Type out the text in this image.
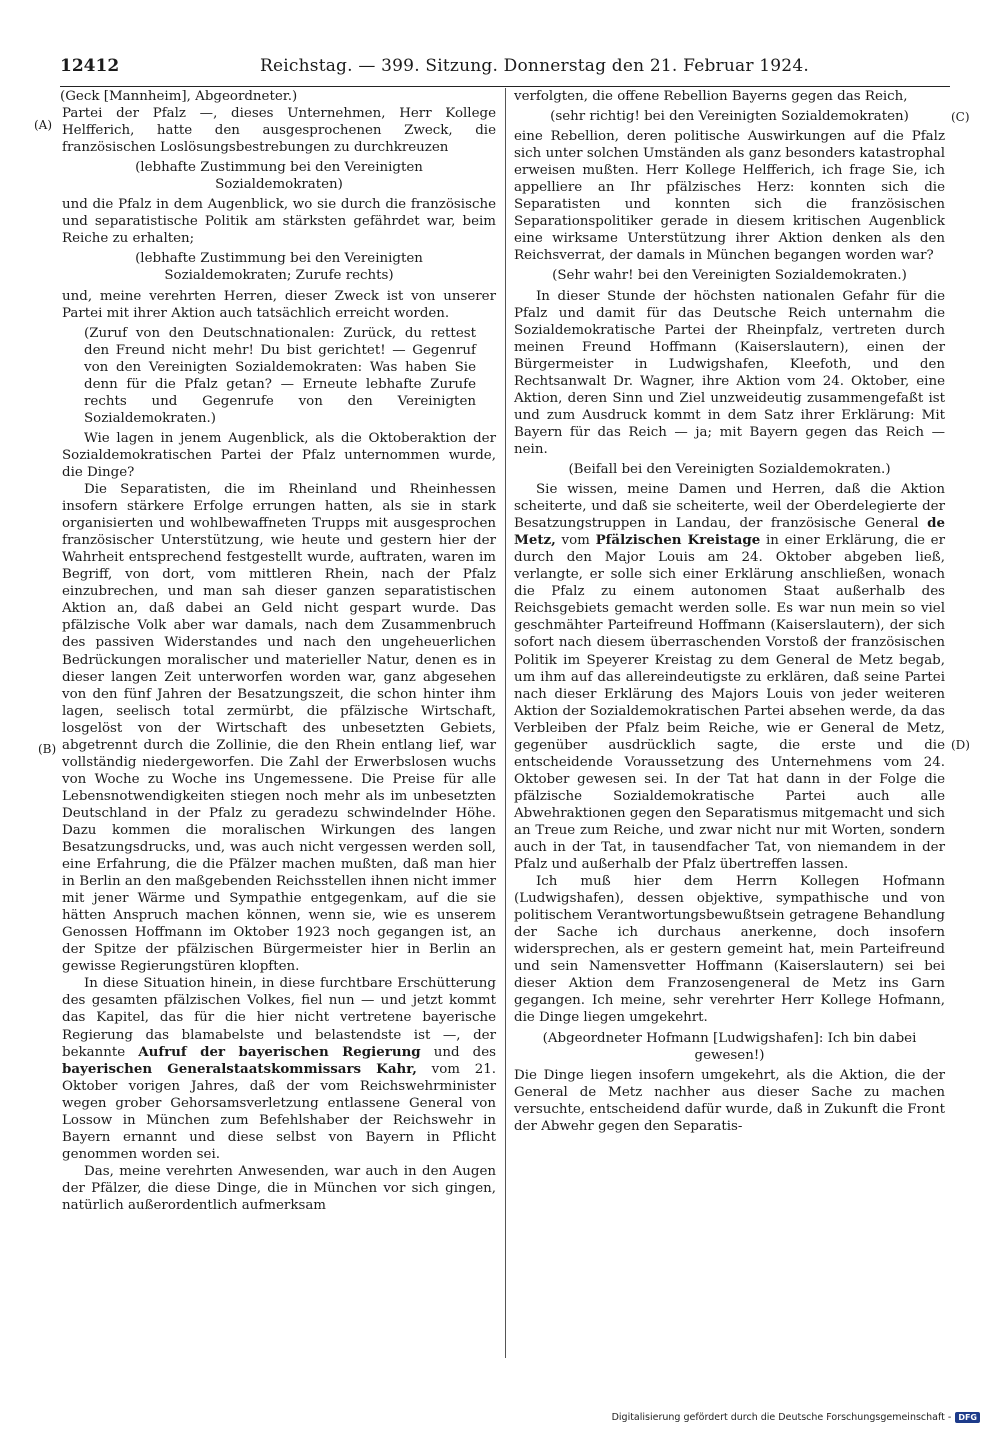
12412	Reichstag. — 399. Sitzung. Donnerstag den 21. Februar 1924.
(A)
(B)
(C)
(D)

(Geck [Mannheim], Abgeordneter.)

Partei der Pfalz —, dieses Unternehmen, Herr Kollege Helfferich, hatte den ausgesprochenen Zweck, die französischen Loslösungsbestrebungen zu durchkreuzen

(lebhafte Zustimmung bei den Vereinigten Sozialdemokraten)

und die Pfalz in dem Augenblick, wo sie durch die französische und separatistische Politik am stärksten gefährdet war, beim Reiche zu erhalten;

(lebhafte Zustimmung bei den Vereinigten Sozialdemokraten; Zurufe rechts)

und, meine verehrten Herren, dieser Zweck ist von unserer Partei mit ihrer Aktion auch tatsächlich erreicht worden.

(Zuruf von den Deutschnationalen: Zurück, du rettest den Freund nicht mehr! Du bist gerichtet! — Gegenruf von den Vereinigten Sozialdemokraten: Was haben Sie denn für die Pfalz getan? — Erneute lebhafte Zurufe rechts und Gegenrufe von den Vereinigten Sozialdemokraten.)

Wie lagen in jenem Augenblick, als die Oktoberaktion der Sozialdemokratischen Partei der Pfalz unternommen wurde, die Dinge?

Die Separatisten, die im Rheinland und Rheinhessen insofern stärkere Erfolge errungen hatten, als sie in stark organisierten und wohlbewaffneten Trupps mit ausgesprochen französischer Unterstützung, wie heute und gestern hier der Wahrheit entsprechend festgestellt wurde, auftraten, waren im Begriff, von dort, vom mittleren Rhein, nach der Pfalz einzubrechen, und man sah dieser ganzen separatistischen Aktion an, daß dabei an Geld nicht gespart wurde. Das pfälzische Volk aber war damals, nach dem Zusammenbruch des passiven Widerstandes und nach den ungeheuerlichen Bedrückungen moralischer und materieller Natur, denen es in dieser langen Zeit unterworfen worden war, ganz abgesehen von den fünf Jahren der Besatzungszeit, die schon hinter ihm lagen, seelisch total zermürbt, die pfälzische Wirtschaft, losgelöst von der Wirtschaft des unbesetzten Gebiets, abgetrennt durch die Zollinie, die den Rhein entlang lief, war vollständig niedergeworfen. Die Zahl der Erwerbslosen wuchs von Woche zu Woche ins Ungemessene. Die Preise für alle Lebensnotwendigkeiten stiegen noch mehr als im unbesetzten Deutschland in der Pfalz zu geradezu schwindelnder Höhe. Dazu kommen die moralischen Wirkungen des langen Besatzungsdrucks, und, was auch nicht vergessen werden soll, eine Erfahrung, die die Pfälzer machen mußten, daß man hier in Berlin an den maßgebenden Reichsstellen ihnen nicht immer mit jener Wärme und Sympathie entgegenkam, auf die sie hätten Anspruch machen können, wenn sie, wie es unserem Genossen Hoffmann im Oktober 1923 noch gegangen ist, an der Spitze der pfälzischen Bürgermeister hier in Berlin an gewisse Regierungstüren klopften.

In diese Situation hinein, in diese furchtbare Erschütterung des gesamten pfälzischen Volkes, fiel nun — und jetzt kommt das Kapitel, das für die hier nicht vertretene bayerische Regierung das blamabelste und belastendste ist —, der bekannte Aufruf der bayerischen Regierung und des bayerischen Generalstaatskommissars Kahr, vom 21. Oktober vorigen Jahres, daß der vom Reichswehrminister wegen grober Gehorsamsverletzung entlassene General von Lossow in München zum Befehlshaber der Reichswehr in Bayern ernannt und diese selbst von Bayern in Pflicht genommen worden sei.

Das, meine verehrten Anwesenden, war auch in den Augen der Pfälzer, die diese Dinge, die in München vor sich gingen, natürlich außerordentlich aufmerksam

verfolgten, die offene Rebellion Bayerns gegen das Reich,

(sehr richtig! bei den Vereinigten Sozialdemokraten)

eine Rebellion, deren politische Auswirkungen auf die Pfalz sich unter solchen Umständen als ganz besonders katastrophal erweisen mußten. Herr Kollege Helfferich, ich frage Sie, ich appelliere an Ihr pfälzisches Herz: konnten sich die Separatisten und konnten sich die französischen Separationspolitiker gerade in diesem kritischen Augenblick eine wirksame Unterstützung ihrer Aktion denken als den Reichsverrat, der damals in München begangen worden war?

(Sehr wahr! bei den Vereinigten Sozialdemokraten.)

In dieser Stunde der höchsten nationalen Gefahr für die Pfalz und damit für das Deutsche Reich unternahm die Sozialdemokratische Partei der Rheinpfalz, vertreten durch meinen Freund Hoffmann (Kaiserslautern), einen der Bürgermeister in Ludwigshafen, Kleefoth, und den Rechtsanwalt Dr. Wagner, ihre Aktion vom 24. Oktober, eine Aktion, deren Sinn und Ziel unzweideutig zusammengefaßt ist und zum Ausdruck kommt in dem Satz ihrer Erklärung: Mit Bayern für das Reich — ja; mit Bayern gegen das Reich — nein.

(Beifall bei den Vereinigten Sozialdemokraten.)

Sie wissen, meine Damen und Herren, daß die Aktion scheiterte, und daß sie scheiterte, weil der Oberdelegierte der Besatzungstruppen in Landau, der französische General de Metz, vom Pfälzischen Kreistage in einer Erklärung, die er durch den Major Louis am 24. Oktober abgeben ließ, verlangte, er solle sich einer Erklärung anschließen, wonach die Pfalz zu einem autonomen Staat außerhalb des Reichsgebiets gemacht werden solle. Es war nun mein so viel geschmähter Parteifreund Hoffmann (Kaiserslautern), der sich sofort nach diesem überraschenden Vorstoß der französischen Politik im Speyerer Kreistag zu dem General de Metz begab, um ihm auf das allereindeutigste zu erklären, daß seine Partei nach dieser Erklärung des Majors Louis von jeder weiteren Aktion der Sozialdemokratischen Partei absehen werde, da das Verbleiben der Pfalz beim Reiche, wie er General de Metz, gegenüber ausdrücklich sagte, die erste und die entscheidende Voraussetzung des Unternehmens vom 24. Oktober gewesen sei. In der Tat hat dann in der Folge die pfälzische Sozialdemokratische Partei auch alle Abwehraktionen gegen den Separatismus mitgemacht und sich an Treue zum Reiche, und zwar nicht nur mit Worten, sondern auch in der Tat, in tausendfacher Tat, von niemandem in der Pfalz und außerhalb der Pfalz übertreffen lassen.

Ich muß hier dem Herrn Kollegen Hofmann (Ludwigshafen), dessen objektive, sympathische und von politischem Verantwortungsbewußtsein getragene Behandlung der Sache ich durchaus anerkenne, doch insofern widersprechen, als er gestern gemeint hat, mein Parteifreund und sein Namensvetter Hoffmann (Kaiserslautern) sei bei dieser Aktion dem Franzosengeneral de Metz ins Garn gegangen. Ich meine, sehr verehrter Herr Kollege Hofmann, die Dinge liegen umgekehrt.

(Abgeordneter Hofmann [Ludwigshafen]: Ich bin dabei gewesen!)

Die Dinge liegen insofern umgekehrt, als die Aktion, die der General de Metz nachher aus dieser Sache zu machen versuchte, entscheidend dafür wurde, daß in Zukunft die Front der Abwehr gegen den Separatis-

Digitalisierung gefördert durch die Deutsche Forschungsgemeinschaft - DFG
